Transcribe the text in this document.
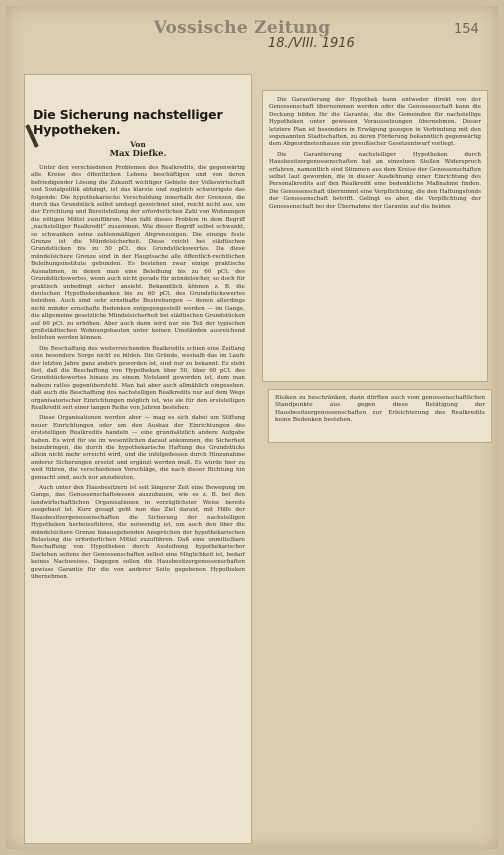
Vossische Zeitung
18./VIII. 1916
154
Die Sicherung nachstelliger Hypotheken.
Von
Max Diefke.

Unter den verschiedenen Problemen des Realkredits, die gegenwärtig alle Kreise des öffentlichen Lebens beschäftigen und von deren befriedigender Lösung die Zukunft wichtiger Gebiete der Volkswirtschaft und Sozialpolitik abhängt, ist das klarste und zugleich schwierigste das folgende: Die hypothekarische Verschuldung innerhalb der Grenzen, die durch das Grundstück selbst umhegt gezeichnet sind, reicht nicht aus, um der Errichtung und Bereitstellung der erforderlichen Zahl von Wohnungen die nötigen Mittel zuzuführen. Man faßt dieses Problem in dem Begriff „nachstelliger Realkredit“ zusammen. Wie dieser Begriff selbst schwankt, so schwanken seine zahlenmäßigen Abgrenzungen. Die einzige feste Grenze ist die Mündelsicherheit. Diese reicht bei städtischen Grundstücken bis zu 50 pCt. des Grundstückswertes. Da diese mündelsichere Grenze sind in der Hauptsache alle öffentlich-rechtlichen Beleihungsinstitute gebunden. Es bestehen zwar einige praktische Ausnahmen, in denen man eine Beleihung bis zu 60 pCt. des Grundstückswertes, wenn auch nicht gerade für mündelsicher, so doch für praktisch unbedingt sicher ansieht. Bekanntlich können z. B. die deutschen Hypothekenbanken bis zu 60 pCt. des Grundstückswertes beleihen. Auch sind sehr ernsthafte Bestrebungen — denen allerdings nicht minder ernsthafte Bedenken entgegengestellt werden — im Gange, die allgemeine gesetzliche Mündelsicherheit bei städtischen Grundstücken auf 60 pCt. zu erhöhen. Aber auch dann wird nur ein Teil der typischen großstädtischen Wohnungsbauten unter keinen Umständen ausreichend beliehen werden können.

Die Beschaffung des weiterreichenden Realkredits schien eine Zeitlang eine besondere Sorge nicht zu bilden. Die Gründe, weshalb das im Laufe der letzten Jahre ganz anders geworden ist, sind nur zu bekannt. Es steht fest, daß die Beschaffung von Hypotheken über 50, über 60 pCt. des Grundstückswertes hinaus zu einem Notstand geworden ist, dem man nahezu ratlos gegenübersteht. Man hat aber auch allmählich eingesehen, daß auch die Beschaffung des nachstelligen Realkredits nur auf dem Wege organisatorischer Einrichtungen möglich ist, wie sie für den erststelligen Realkredit seit einer langen Reihe von Jahren bestehen.

Diese Organisationen werden aber — mag es sich dabei um Stiftung neuer Einrichtungen oder um den Ausbau der Einrichtungen des erststelligen Realkredits handeln — eine grundsätzlich andere Aufgabe haben. Es wird für sie im wesentlichen darauf ankommen, die Sicherheit beizubringen, die durch die hypothekarische Haftung des Grundstücks allein nicht mehr erreicht wird, und die infolgedessen durch Hinzunahme anderer Sicherungen ersetzt und ergänzt werden muß. Es würde hier zu weit führen, die verschiedenen Vorschläge, die nach dieser Richtung hin gemacht sind, auch nur anzudeuten.

Auch unter den Hausbesitzern ist seit längerer Zeit eine Bewegung im Gange, das Genossenschaftswesen auszubauen, wie es z. B. bei den landwirtschaftlichen Organisationen in vorzüglichster Weise bereits ausgebaut ist. Kurz gesagt geht nun das Ziel darauf, mit Hilfe der Hausbesitzergenossenschaften die Sicherung der nachstelligen Hypotheken herbeizuführen, die notwendig ist, um auch den über die mündelsichere Grenze hinausgehenden Ansprüchen der hypothekarischen Belastung die erforderlichen Mittel zuzuführen. Daß eine unmittelbare Beschaffung von Hypotheken durch Ausleihung hypothekarischer Darlehen seitens der Genossenschaften selbst eine Möglichkeit ist, bedarf keines Nachweises. Dagegen sollen die Hausbesitzergenossenschaften gewisse Garantie für die von anderer Seite gegebenen Hypotheken übernehmen.

Die Garantierung der Hypothek kann entweder direkt von der Genossenschaft übernommen werden oder die Genossenschaft kann die Deckung bilden für die Garantie, die die Gemeinden für nachstellige Hypotheken unter gewissen Voraussetzungen übernehmen. Dieser letztere Plan ist besonders in Erwägung gezogen in Verbindung mit den sogenannten Stadtschaften, zu deren Förderung bekanntlich gegenwärtig dem Abgeordnetenhause ein preußischer Gesetzentwurf vorliegt.

Die Garantierung nachstelliger Hypotheken durch Hausbesitzergenossenschaften hat an einzelnen Stellen Widerspruch erfahren, namentlich sind Stimmen aus dem Kreise der Genossenschaften selbst laut geworden, die in dieser Ausdehnung einer Einrichtung des Personalkredits auf den Realkredit eine bedenkliche Maßnahme finden. Die Genossenschaft übernimmt eine Verpflichtung, die den Haftungsfonds der Genossenschaft betrifft. Gelingt es aber, die Verpflichtung der Genossenschaft bei der Übernahme der Garantie auf die beiden

Risiken zu beschränken, dann dürften auch vom genossenschaftlichen Standpunkte aus gegen diese Betätigung der Hausbesitzergenossenschaften zur Erleichterung des Realkredits keine Bedenken bestehen.
